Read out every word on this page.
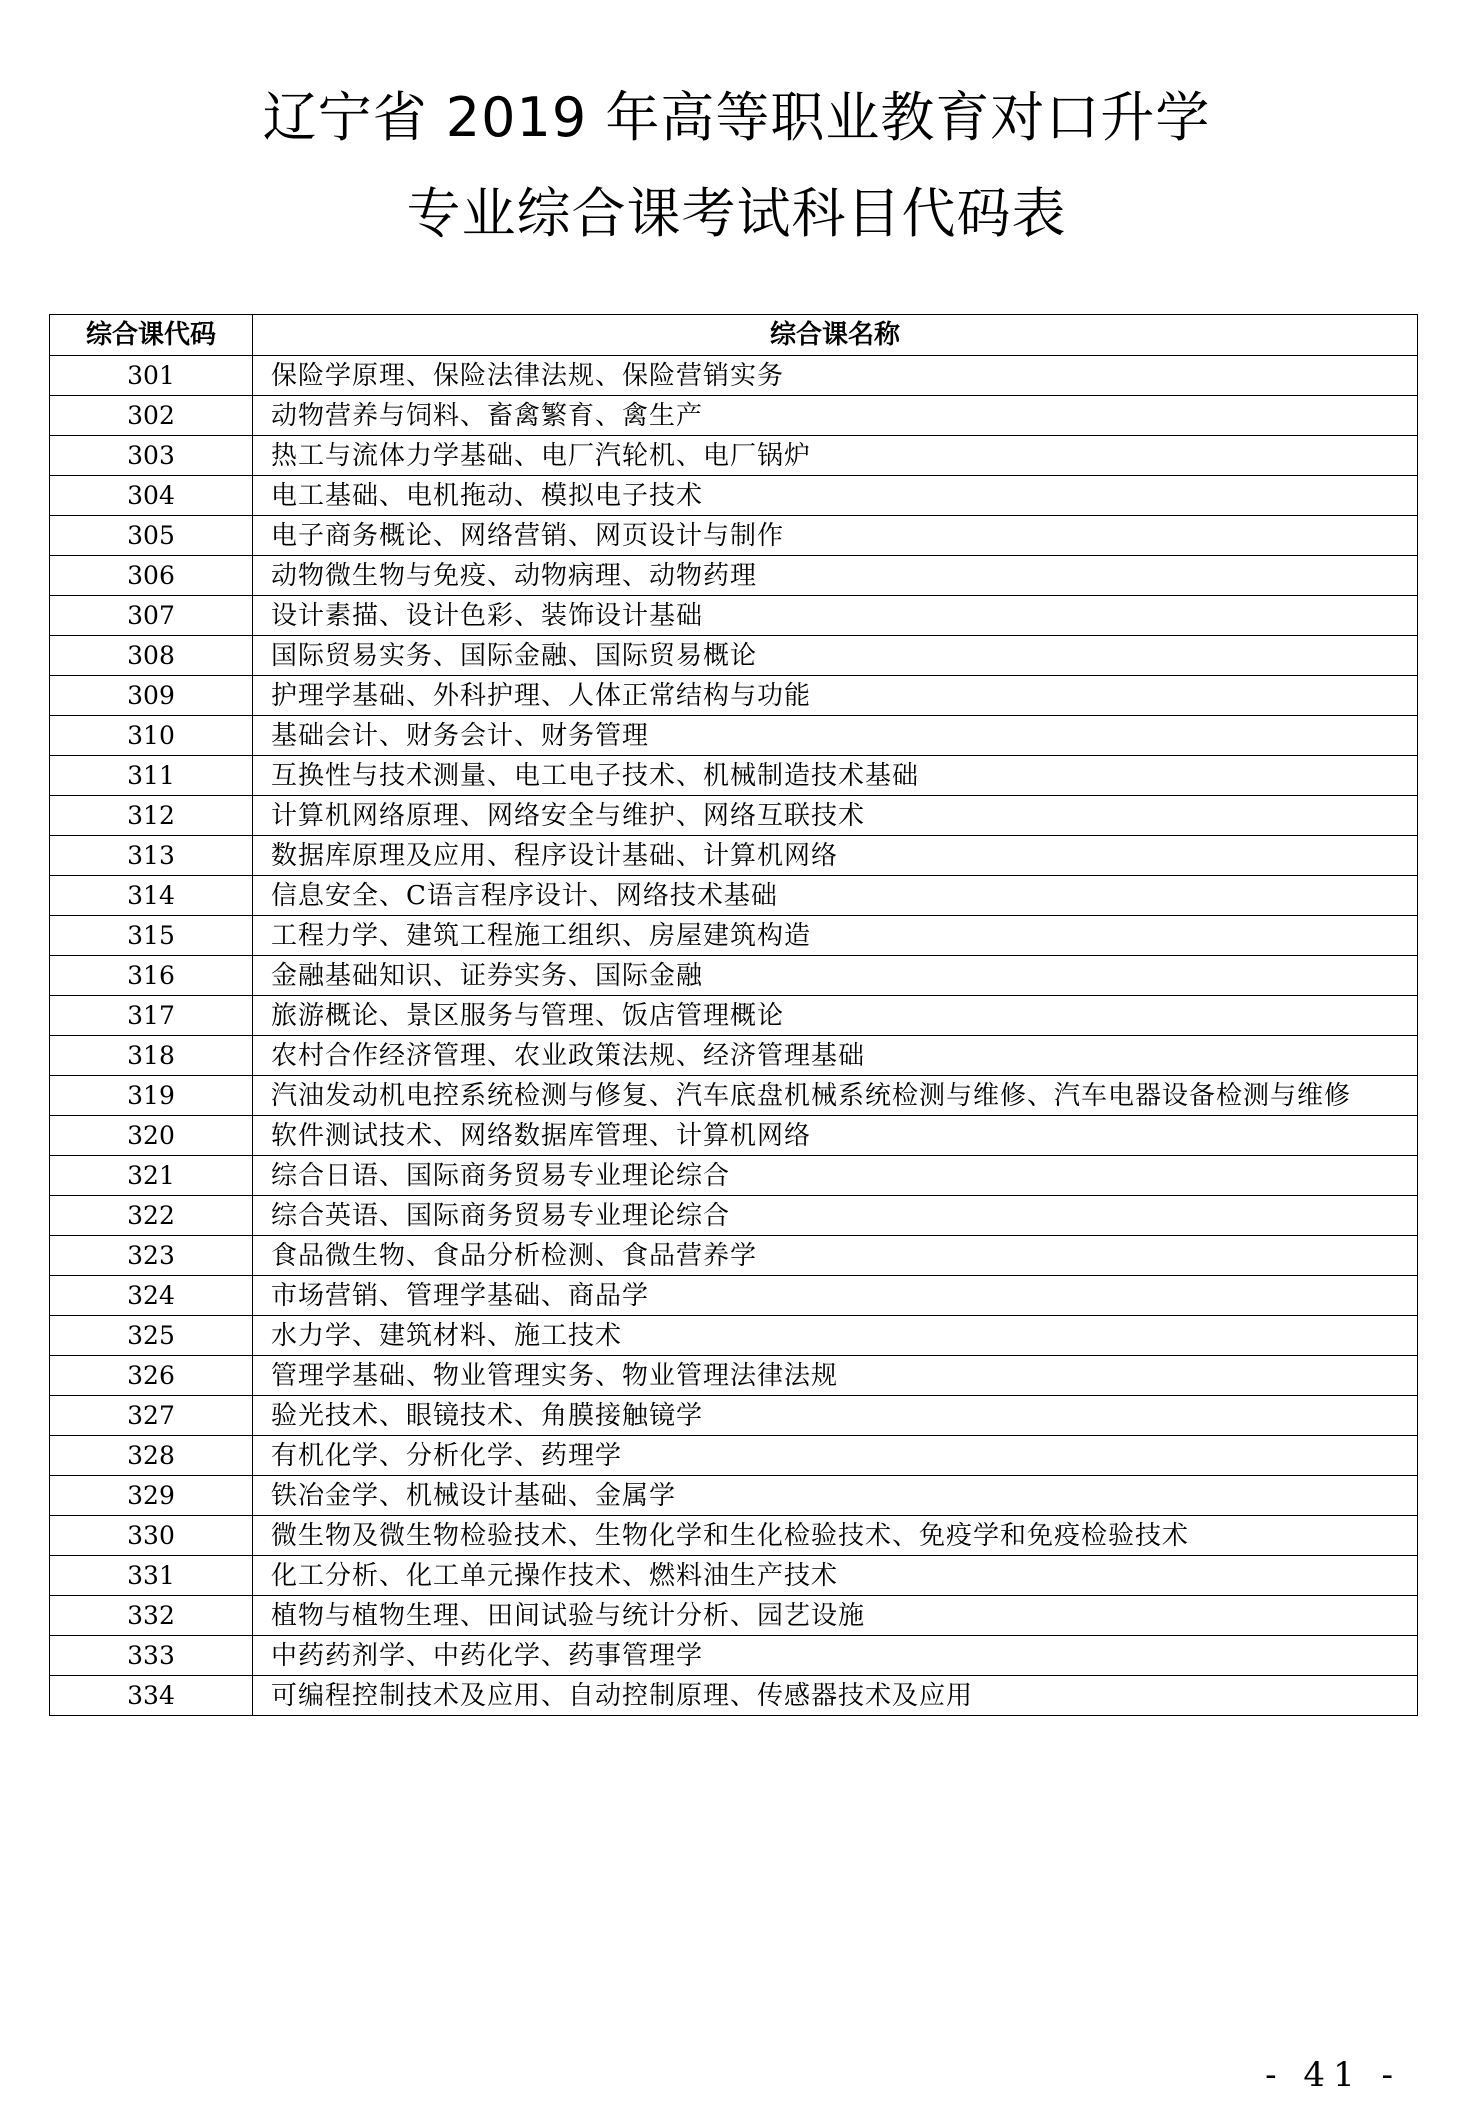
辽宁省 2019 年高等职业教育对口升学
专业综合课考试科目代码表
综合课代码	综合课名称
301	保险学原理、保险法律法规、保险营销实务
302	动物营养与饲料、畜禽繁育、禽生产
303	热工与流体力学基础、电厂汽轮机、电厂锅炉
304	电工基础、电机拖动、模拟电子技术
305	电子商务概论、网络营销、网页设计与制作
306	动物微生物与免疫、动物病理、动物药理
307	设计素描、设计色彩、装饰设计基础
308	国际贸易实务、国际金融、国际贸易概论
309	护理学基础、外科护理、人体正常结构与功能
310	基础会计、财务会计、财务管理
311	互换性与技术测量、电工电子技术、机械制造技术基础
312	计算机网络原理、网络安全与维护、网络互联技术
313	数据库原理及应用、程序设计基础、计算机网络
314	信息安全、C语言程序设计、网络技术基础
315	工程力学、建筑工程施工组织、房屋建筑构造
316	金融基础知识、证券实务、国际金融
317	旅游概论、景区服务与管理、饭店管理概论
318	农村合作经济管理、农业政策法规、经济管理基础
319	汽油发动机电控系统检测与修复、汽车底盘机械系统检测与维修、汽车电器设备检测与维修
320	软件测试技术、网络数据库管理、计算机网络
321	综合日语、国际商务贸易专业理论综合
322	综合英语、国际商务贸易专业理论综合
323	食品微生物、食品分析检测、食品营养学
324	市场营销、管理学基础、商品学
325	水力学、建筑材料、施工技术
326	管理学基础、物业管理实务、物业管理法律法规
327	验光技术、眼镜技术、角膜接触镜学
328	有机化学、分析化学、药理学
329	铁冶金学、机械设计基础、金属学
330	微生物及微生物检验技术、生物化学和生化检验技术、免疫学和免疫检验技术
331	化工分析、化工单元操作技术、燃料油生产技术
332	植物与植物生理、田间试验与统计分析、园艺设施
333	中药药剂学、中药化学、药事管理学
334	可编程控制技术及应用、自动控制原理、传感器技术及应用
- 41 -
